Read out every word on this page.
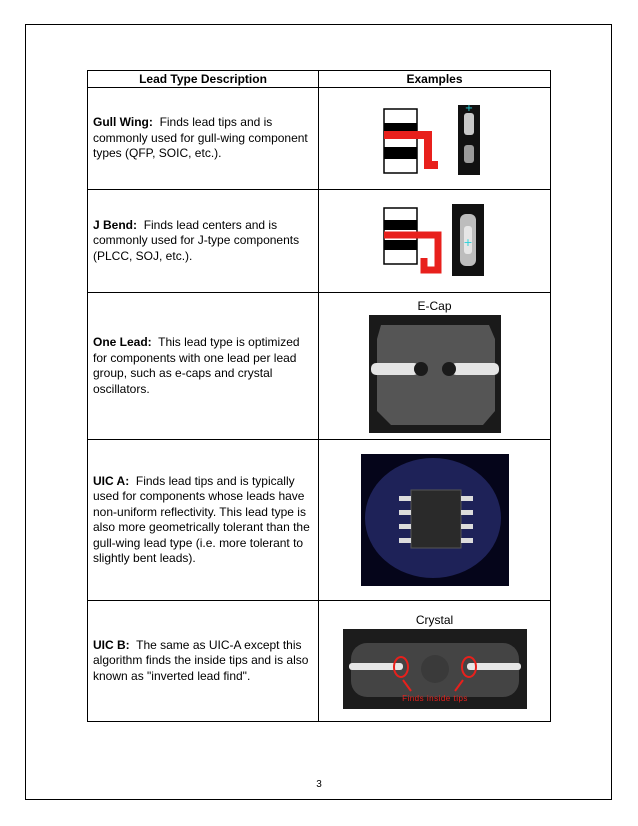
Lead Type Description	Examples
Gull Wing: Finds lead tips and is commonly used for gull-wing component types (QFP, SOIC, etc.).	+

J Bend: Finds lead centers and is commonly used for J-type components (PLCC, SOJ, etc.).	+

One Lead: This lead type is optimized for components with one lead per lead group, such as e-caps and crystal oscillators.	E-Cap

UIC A: Finds lead tips and is typically used for components whose leads have non-uniform reflectivity. This lead type is also more geometrically tolerant than the gull-wing lead type (i.e. more tolerant to slightly bent leads).	

UIC B: The same as UIC-A except this algorithm finds the inside tips and is also known as "inverted lead find".	Crystal
Finds inside tips
3
